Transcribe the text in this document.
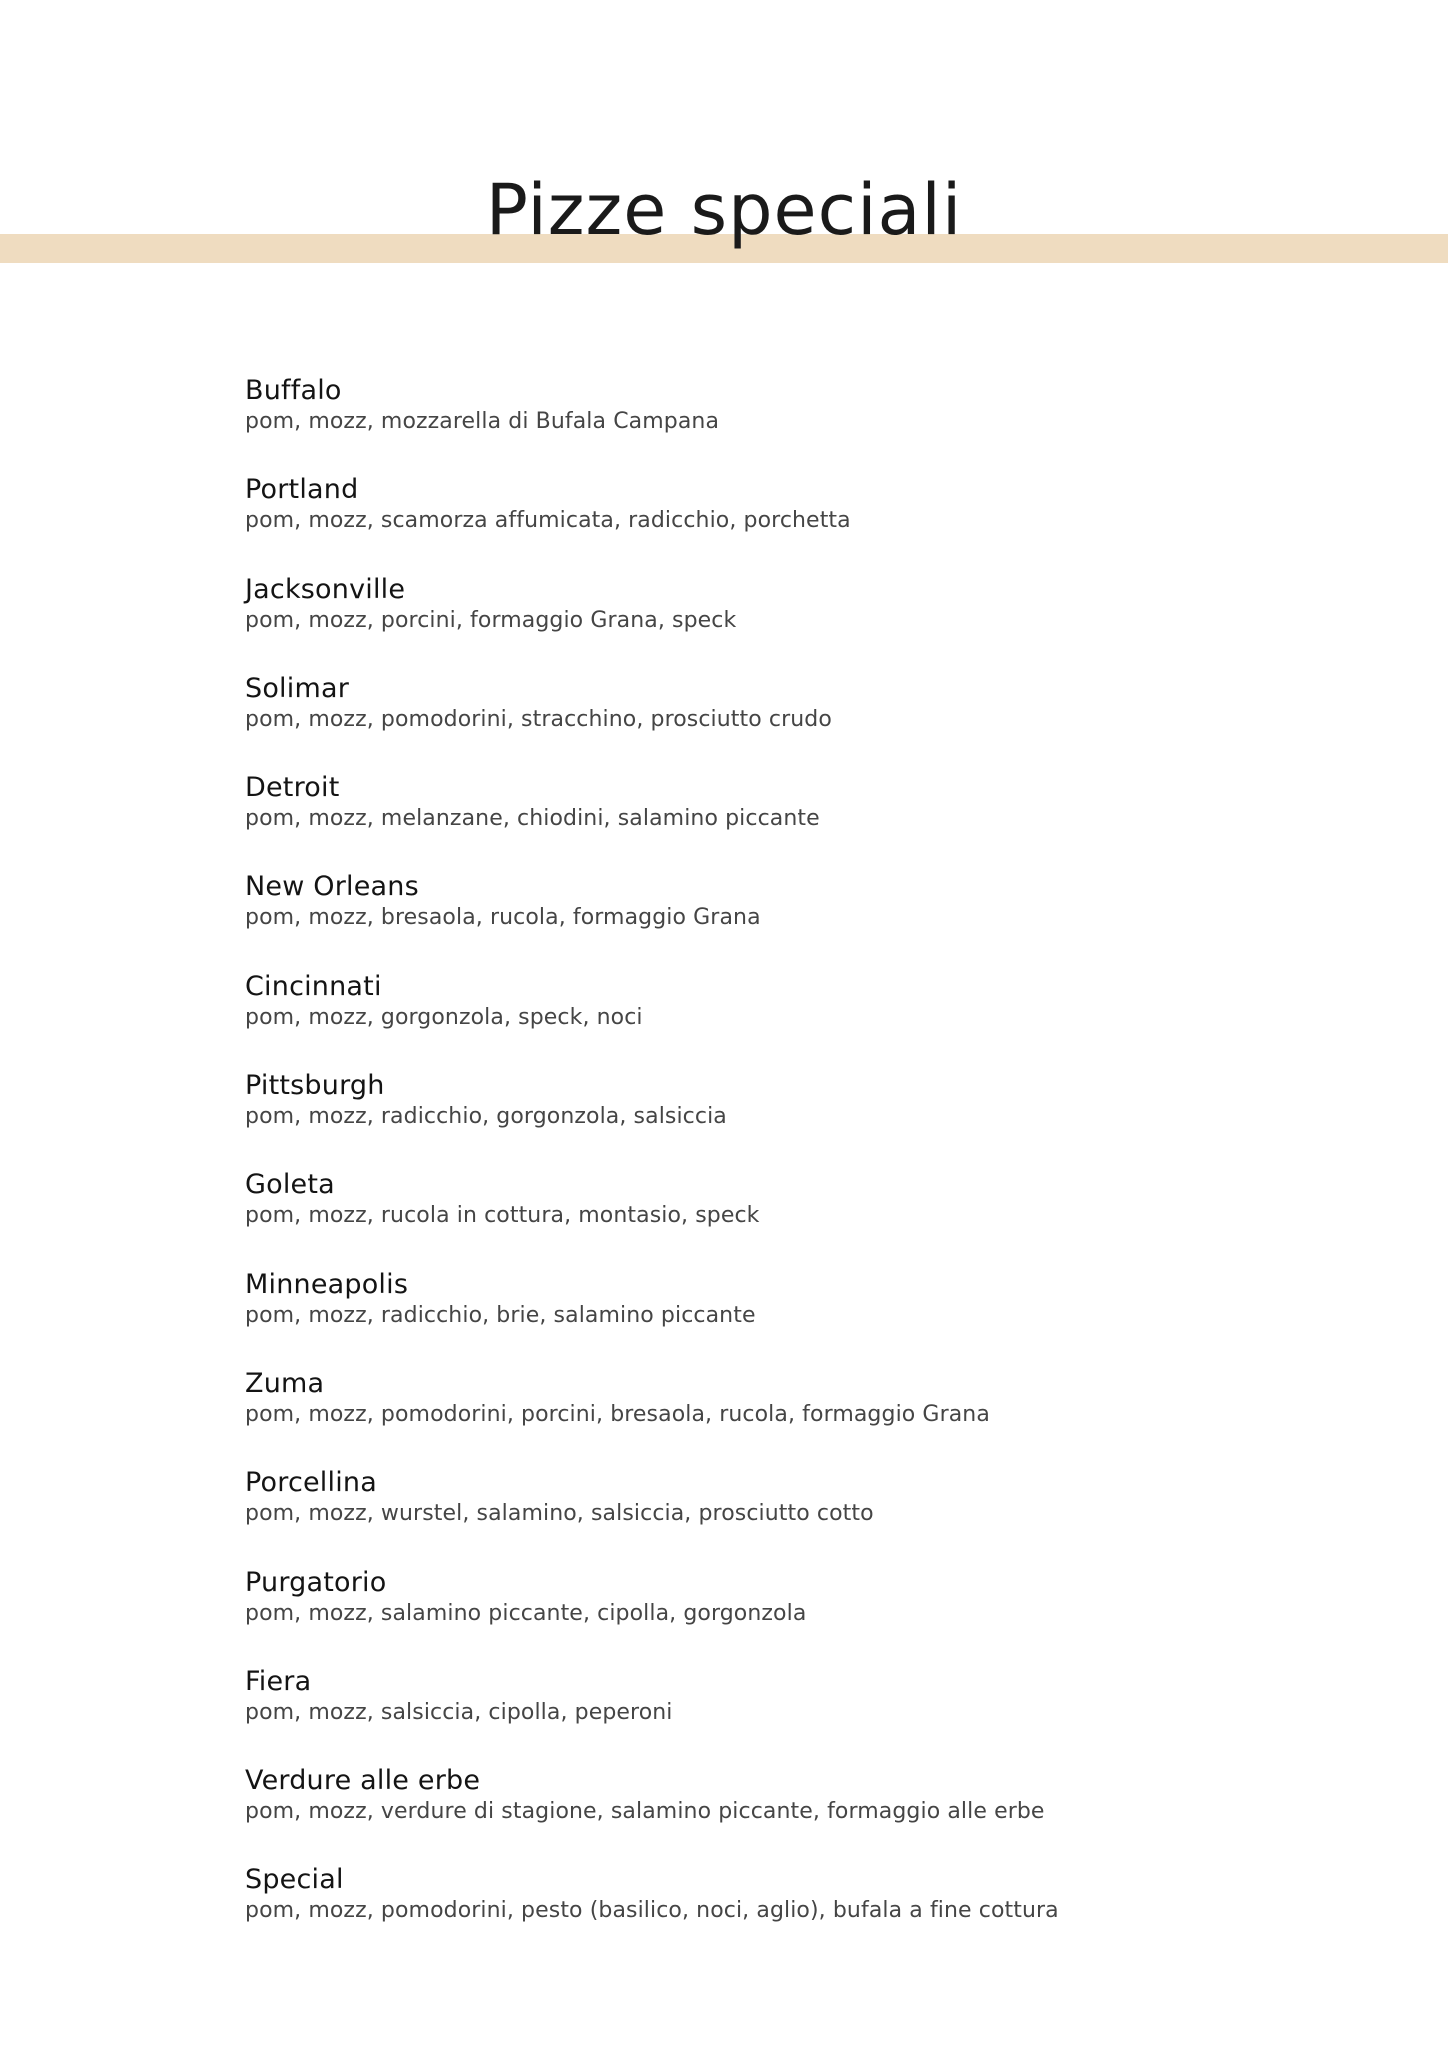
Pizze speciali
Buffalo
pom, mozz, mozzarella di Bufala Campana
Portland
pom, mozz, scamorza affumicata, radicchio, porchetta
Jacksonville
pom, mozz, porcini, formaggio Grana, speck
Solimar
pom, mozz, pomodorini, stracchino, prosciutto crudo
Detroit
pom, mozz, melanzane, chiodini, salamino piccante
New Orleans
pom, mozz, bresaola, rucola, formaggio Grana
Cincinnati
pom, mozz, gorgonzola, speck, noci
Pittsburgh
pom, mozz, radicchio, gorgonzola, salsiccia
Goleta
pom, mozz, rucola in cottura, montasio, speck
Minneapolis
pom, mozz, radicchio, brie, salamino piccante
Zuma
pom, mozz, pomodorini, porcini, bresaola, rucola, formaggio Grana
Porcellina
pom, mozz, wurstel, salamino, salsiccia, prosciutto cotto
Purgatorio
pom, mozz, salamino piccante, cipolla, gorgonzola
Fiera
pom, mozz, salsiccia, cipolla, peperoni
Verdure alle erbe
pom, mozz, verdure di stagione, salamino piccante, formaggio alle erbe
Special
pom, mozz, pomodorini, pesto (basilico, noci, aglio), bufala a fine cottura
